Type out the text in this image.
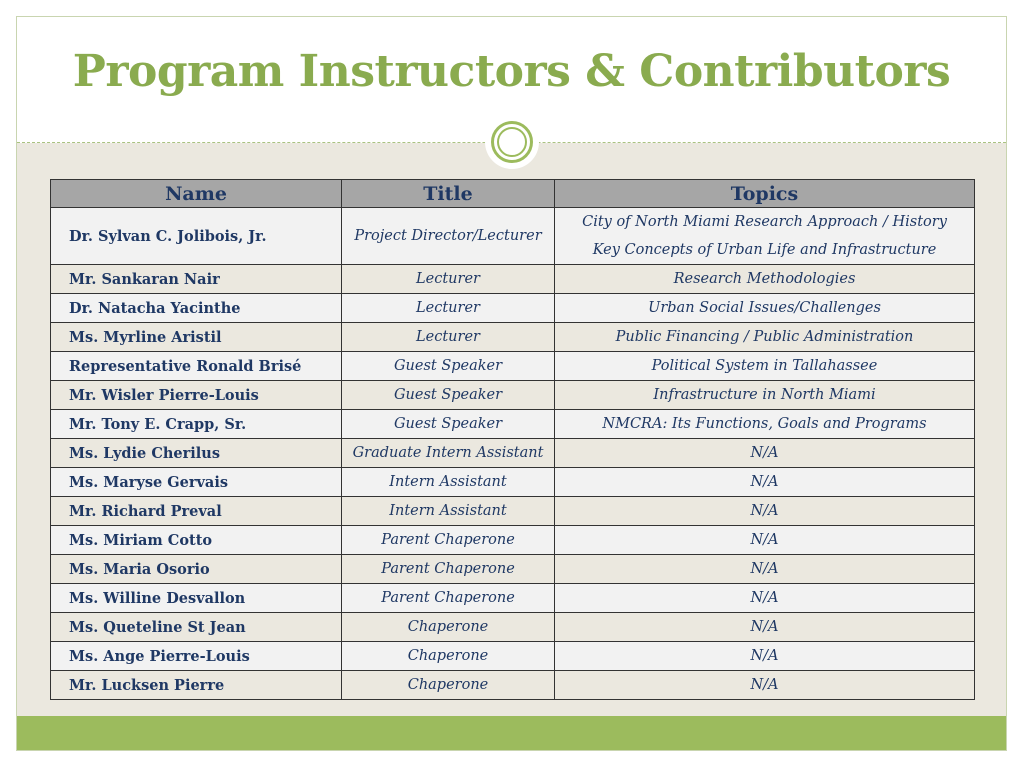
Program Instructors & Contributors
Name	Title	Topics
Dr. Sylvan C. Jolibois, Jr.	Project Director/Lecturer	City of North Miami Research Approach / History
Key Concepts of Urban Life and Infrastructure

Mr. Sankaran Nair	Lecturer	Research Methodologies

Dr. Natacha Yacinthe	Lecturer	Urban Social Issues/Challenges

Ms. Myrline Aristil	Lecturer	Public Financing / Public Administration

Representative Ronald Brisé	Guest Speaker	Political System in Tallahassee

Mr. Wisler Pierre-Louis	Guest Speaker	Infrastructure in North Miami

Mr. Tony E. Crapp, Sr.	Guest Speaker	NMCRA: Its Functions, Goals and Programs

Ms. Lydie Cherilus	Graduate Intern Assistant	N/A

Ms. Maryse Gervais	Intern Assistant	N/A

Mr. Richard Preval	Intern Assistant	N/A

Ms. Miriam Cotto	Parent Chaperone	N/A

Ms. Maria Osorio	Parent Chaperone	N/A

Ms. Willine Desvallon	Parent Chaperone	N/A

Ms. Queteline St Jean	Chaperone	N/A

Ms. Ange Pierre-Louis	Chaperone	N/A

Mr. Lucksen Pierre	Chaperone	N/A
